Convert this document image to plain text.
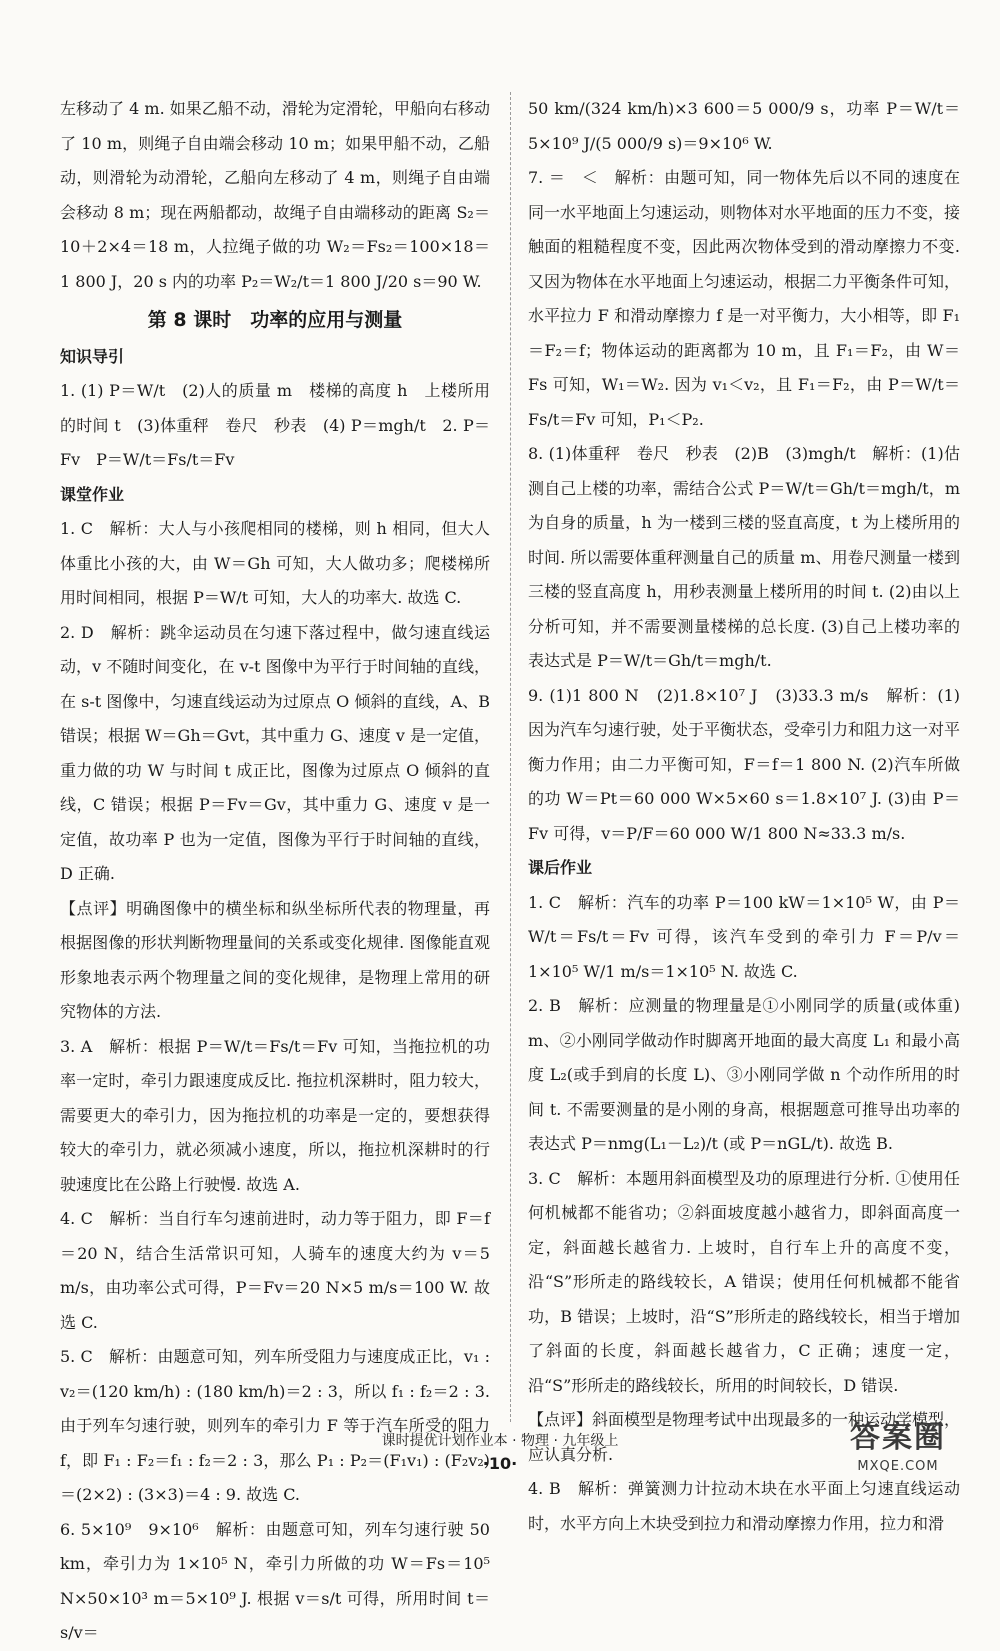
左移动了 4 m. 如果乙船不动，滑轮为定滑轮，甲船向右移动了 10 m，则绳子自由端会移动 10 m；如果甲船不动，乙船动，则滑轮为动滑轮，乙船向左移动了 4 m，则绳子自由端会移动 8 m；现在两船都动，故绳子自由端移动的距离 S₂＝10＋2×4＝18 m，人拉绳子做的功 W₂＝Fs₂＝100×18＝1 800 J，20 s 内的功率 P₂＝W₂/t＝1 800 J/20 s＝90 W.
第 8 课时　功率的应用与测量
知识导引
1. (1) P＝W/t　(2)人的质量 m　楼梯的高度 h　上楼所用的时间 t　(3)体重秤　卷尺　秒表　(4) P＝mgh/t　2. P＝Fv　P＝W/t＝Fs/t＝Fv
课堂作业
1. C　解析：大人与小孩爬相同的楼梯，则 h 相同，但大人体重比小孩的大，由 W＝Gh 可知，大人做功多；爬楼梯所用时间相同，根据 P＝W/t 可知，大人的功率大. 故选 C.
2. D　解析：跳伞运动员在匀速下落过程中，做匀速直线运动，v 不随时间变化，在 v-t 图像中为平行于时间轴的直线，在 s-t 图像中，匀速直线运动为过原点 O 倾斜的直线，A、B 错误；根据 W＝Gh＝Gvt，其中重力 G、速度 v 是一定值，重力做的功 W 与时间 t 成正比，图像为过原点 O 倾斜的直线，C 错误；根据 P＝Fv＝Gv，其中重力 G、速度 v 是一定值，故功率 P 也为一定值，图像为平行于时间轴的直线，D 正确.
【点评】明确图像中的横坐标和纵坐标所代表的物理量，再根据图像的形状判断物理量间的关系或变化规律. 图像能直观形象地表示两个物理量之间的变化规律，是物理上常用的研究物体的方法.
3. A　解析：根据 P＝W/t＝Fs/t＝Fv 可知，当拖拉机的功率一定时，牵引力跟速度成反比. 拖拉机深耕时，阻力较大，需要更大的牵引力，因为拖拉机的功率是一定的，要想获得较大的牵引力，就必须减小速度，所以，拖拉机深耕时的行驶速度比在公路上行驶慢. 故选 A.
4. C　解析：当自行车匀速前进时，动力等于阻力，即 F＝f＝20 N，结合生活常识可知，人骑车的速度大约为 v＝5 m/s，由功率公式可得，P＝Fv＝20 N×5 m/s＝100 W. 故选 C.
5. C　解析：由题意可知，列车所受阻力与速度成正比，v₁ : v₂＝(120 km/h) : (180 km/h)＝2 : 3，所以 f₁ : f₂＝2 : 3. 由于列车匀速行驶，则列车的牵引力 F 等于汽车所受的阻力 f，即 F₁ : F₂＝f₁ : f₂＝2 : 3，那么 P₁ : P₂＝(F₁v₁) : (F₂v₂)＝(2×2) : (3×3)＝4 : 9. 故选 C.
6. 5×10⁹　9×10⁶　解析：由题意可知，列车匀速行驶 50 km，牵引力为 1×10⁵ N，牵引力所做的功 W＝Fs＝10⁵ N×50×10³ m＝5×10⁹ J. 根据 v＝s/t 可得，所用时间 t＝s/v＝
50 km/(324 km/h)×3 600＝5 000/9 s，功率 P＝W/t＝5×10⁹ J/(5 000/9 s)＝9×10⁶ W.
7. ＝　＜　解析：由题可知，同一物体先后以不同的速度在同一水平地面上匀速运动，则物体对水平地面的压力不变，接触面的粗糙程度不变，因此两次物体受到的滑动摩擦力不变. 又因为物体在水平地面上匀速运动，根据二力平衡条件可知，水平拉力 F 和滑动摩擦力 f 是一对平衡力，大小相等，即 F₁＝F₂＝f；物体运动的距离都为 10 m，且 F₁＝F₂，由 W＝Fs 可知，W₁＝W₂. 因为 v₁＜v₂，且 F₁＝F₂，由 P＝W/t＝Fs/t＝Fv 可知，P₁＜P₂.
8. (1)体重秤　卷尺　秒表　(2)B　(3)mgh/t　解析：(1)估测自己上楼的功率，需结合公式 P＝W/t＝Gh/t＝mgh/t，m 为自身的质量，h 为一楼到三楼的竖直高度，t 为上楼所用的时间. 所以需要体重秤测量自己的质量 m、用卷尺测量一楼到三楼的竖直高度 h，用秒表测量上楼所用的时间 t. (2)由以上分析可知，并不需要测量楼梯的总长度. (3)自己上楼功率的表达式是 P＝W/t＝Gh/t＝mgh/t.
9. (1)1 800 N　(2)1.8×10⁷ J　(3)33.3 m/s　解析：(1)因为汽车匀速行驶，处于平衡状态，受牵引力和阻力这一对平衡力作用；由二力平衡可知，F＝f＝1 800 N. (2)汽车所做的功 W＝Pt＝60 000 W×5×60 s＝1.8×10⁷ J. (3)由 P＝Fv 可得，v＝P/F＝60 000 W/1 800 N≈33.3 m/s.
课后作业
1. C　解析：汽车的功率 P＝100 kW＝1×10⁵ W，由 P＝W/t＝Fs/t＝Fv 可得，该汽车受到的牵引力 F＝P/v＝1×10⁵ W/1 m/s＝1×10⁵ N. 故选 C.
2. B　解析：应测量的物理量是①小刚同学的质量(或体重) m、②小刚同学做动作时脚离开地面的最大高度 L₁ 和最小高度 L₂(或手到肩的长度 L)、③小刚同学做 n 个动作所用的时间 t. 不需要测量的是小刚的身高，根据题意可推导出功率的表达式 P＝nmg(L₁－L₂)/t (或 P＝nGL/t). 故选 B.
3. C　解析：本题用斜面模型及功的原理进行分析. ①使用任何机械都不能省功；②斜面坡度越小越省力，即斜面高度一定，斜面越长越省力. 上坡时，自行车上升的高度不变，沿“S”形所走的路线较长，A 错误；使用任何机械都不能省功，B 错误；上坡时，沿“S”形所走的路线较长，相当于增加了斜面的长度，斜面越长越省力，C 正确；速度一定，沿“S”形所走的路线较长，所用的时间较长，D 错误.
【点评】斜面模型是物理考试中出现最多的一种运动学模型，应认真分析.
4. B　解析：弹簧测力计拉动木块在水平面上匀速直线运动时，水平方向上木块受到拉力和滑动摩擦力作用，拉力和滑
课时提优计划作业本 · 物理 · 九年级上
·10·
答案圈
MXQE.COM
